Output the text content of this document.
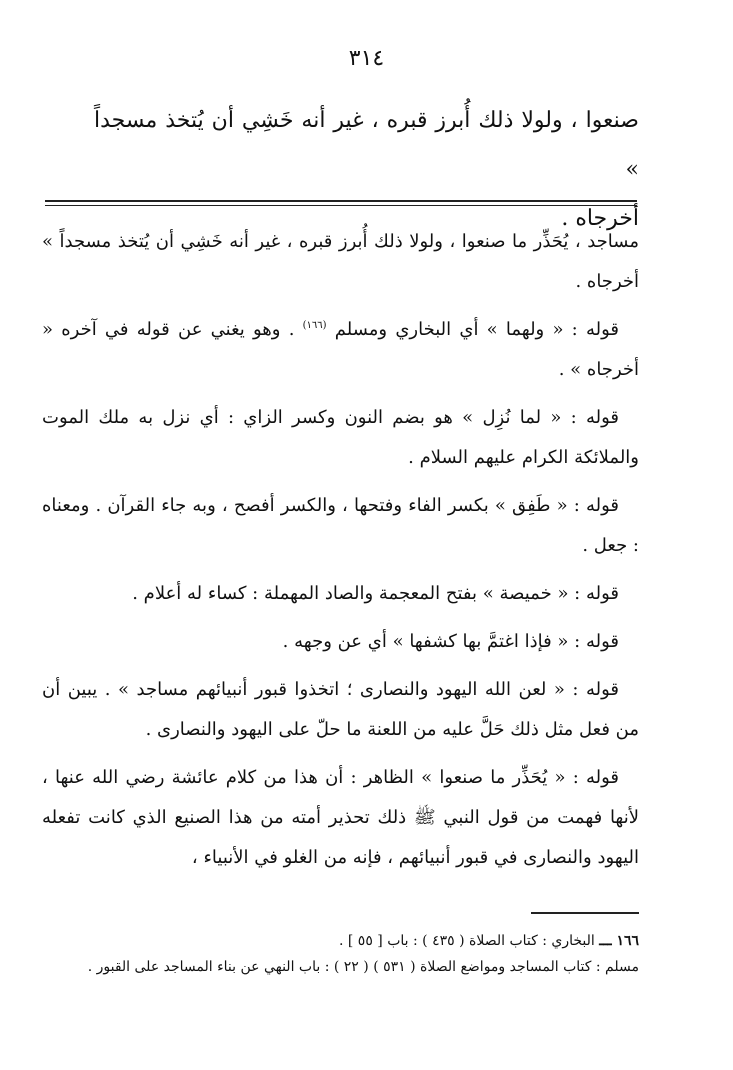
٣١٤

صنعوا ، ولولا ذلك أُبرز قبره ، غير أنه خَشِي أن يُتخذ مسجداً »

أخرجاه .

مساجد ، يُحَذِّر ما صنعوا ، ولولا ذلك أُبرز قبره ، غير أنه خَشِي أن يُتخذ مسجداً » أخرجاه .

قوله : « ولهما » أي البخاري ومسلم $^{(١٦٦)}$ . وهو يغني عن قوله في آخره « أخرجاه » .

قوله : « لما نُزِل » هو بضم النون وكسر الزاي : أي نزل به ملك الموت والملائكة الكرام عليهم السلام .

قوله : « طَفِق » بكسر الفاء وفتحها ، والكسر أفصح ، وبه جاء القرآن . ومعناه : جعل .

قوله : « خميصة » بفتح المعجمة والصاد المهملة : كساء له أعلام .

قوله : « فإذا اغتمَّ بها كشفها » أي عن وجهه .

قوله : « لعن الله اليهود والنصارى ؛ اتخذوا قبور أنبيائهم مساجد » . يبين أن من فعل مثل ذلك حَلَّ عليه من اللعنة ما حلّ على اليهود والنصارى .

قوله : « يُحَذِّر ما صنعوا » الظاهر : أن هذا من كلام عائشة رضي الله عنها ، لأنها فهمت من قول النبي ﷺ ذلك تحذير أمته من هذا الصنيع الذي كانت تفعله اليهود والنصارى في قبور أنبيائهم ، فإنه من الغلو في الأنبياء ،

١٦٦ ـــ البخاري : كتاب الصلاة ( ٤٣٥ ) : باب [ ٥٥ ] .

مسلم : كتاب المساجد ومواضع الصلاة ( ٥٣١ ) ( ٢٢ ) : باب النهي عن بناء المساجد على القبور .
